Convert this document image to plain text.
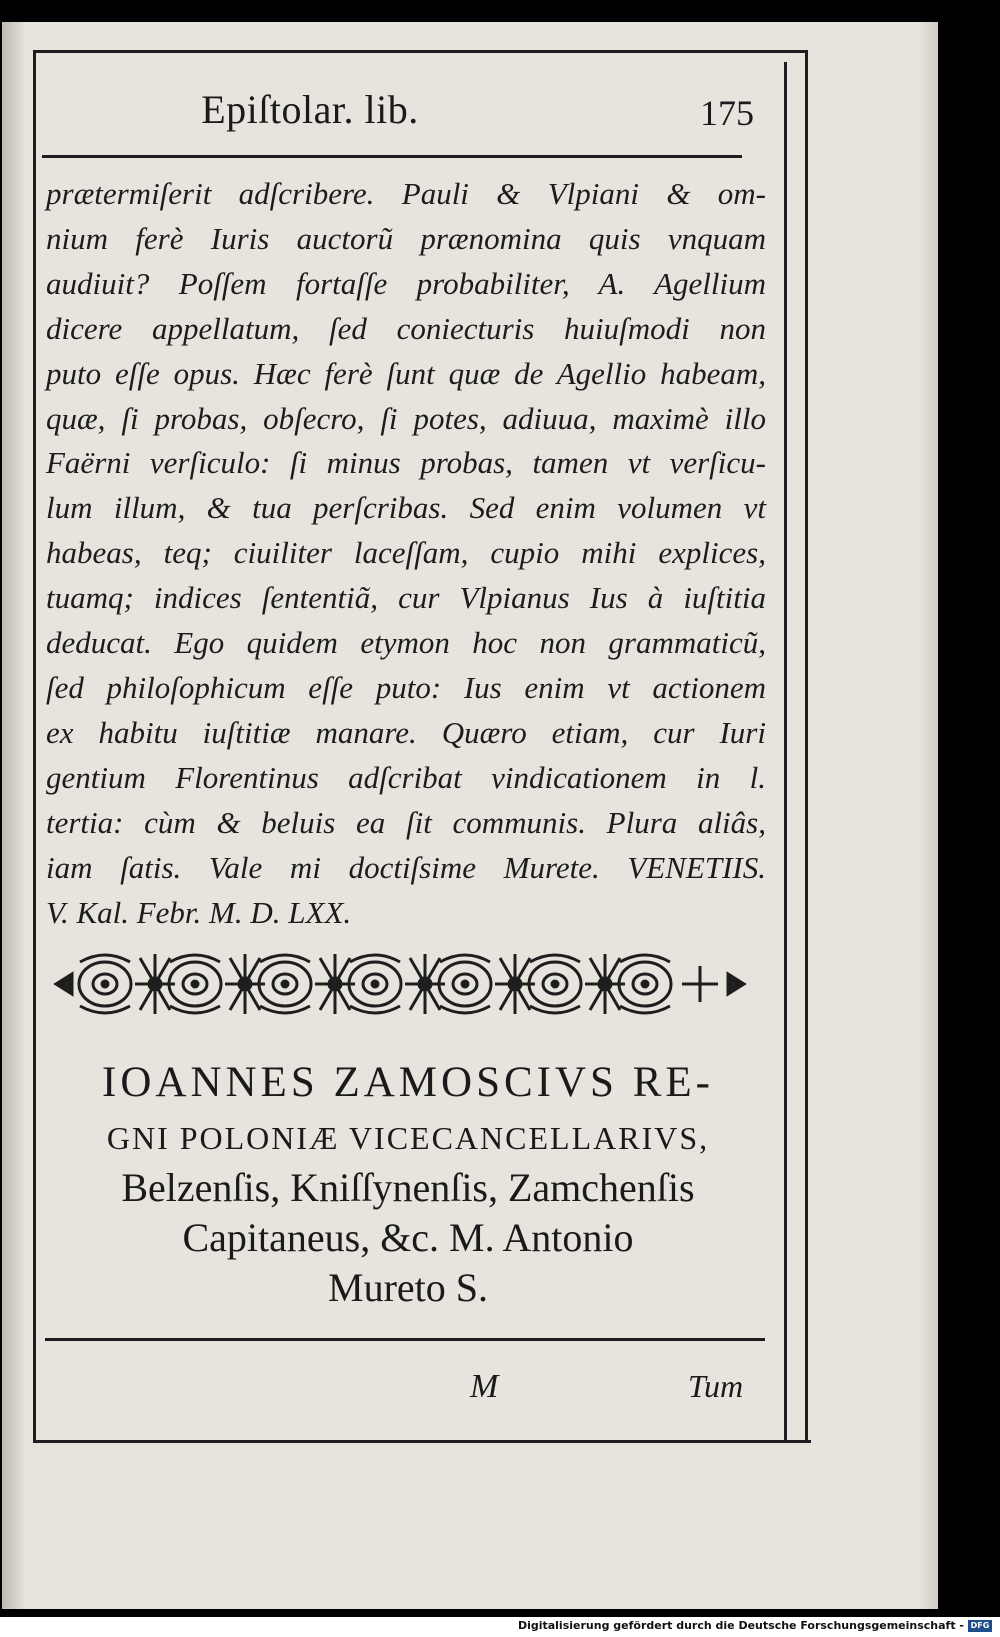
Epiſtolar. lib.	175
prætermiſerit adſcribere. Pauli & Vlpiani & om-
nium ferè Iuris auctorũ prænomina quis vnquam
audiuit? Poſſem fortaſſe probabiliter, A. Agellium
dicere appellatum, ſed coniecturis huiuſmodi non
puto eſſe opus. Hæc ferè ſunt quæ de Agellio habeam,
quæ, ſi probas, obſecro, ſi potes, adiuua, maximè illo
Faërni verſiculo: ſi minus probas, tamen vt verſicu-
lum illum, & tua perſcribas. Sed enim volumen vt
habeas, teq; ciuiliter laceſſam, cupio mihi explices,
tuamq; indices ſententiã, cur Vlpianus Ius à iuſtitia
deducat. Ego quidem etymon hoc non grammaticũ,
ſed philoſophicum eſſe puto: Ius enim vt actionem
ex habitu iuſtitiæ manare. Quæro etiam, cur Iuri
gentium Florentinus adſcribat vindicationem in l.
tertia: cùm & beluis ea ſit communis. Plura aliâs,
iam ſatis. Vale mi doctiſsime Murete. VENETIIS.
V. Kal. Febr. M. D. LXX.
IOANNES ZAMOSCIVS RE-
GNI POLONIÆ VICECANCELLARIVS,
Belzenſis, Kniſſynenſis, Zamchenſis
Capitaneus, &c. M. Antonio
Mureto S.
M	Tum
Digitalisierung gefördert durch die Deutsche Forschungsgemeinschaft - DFG
